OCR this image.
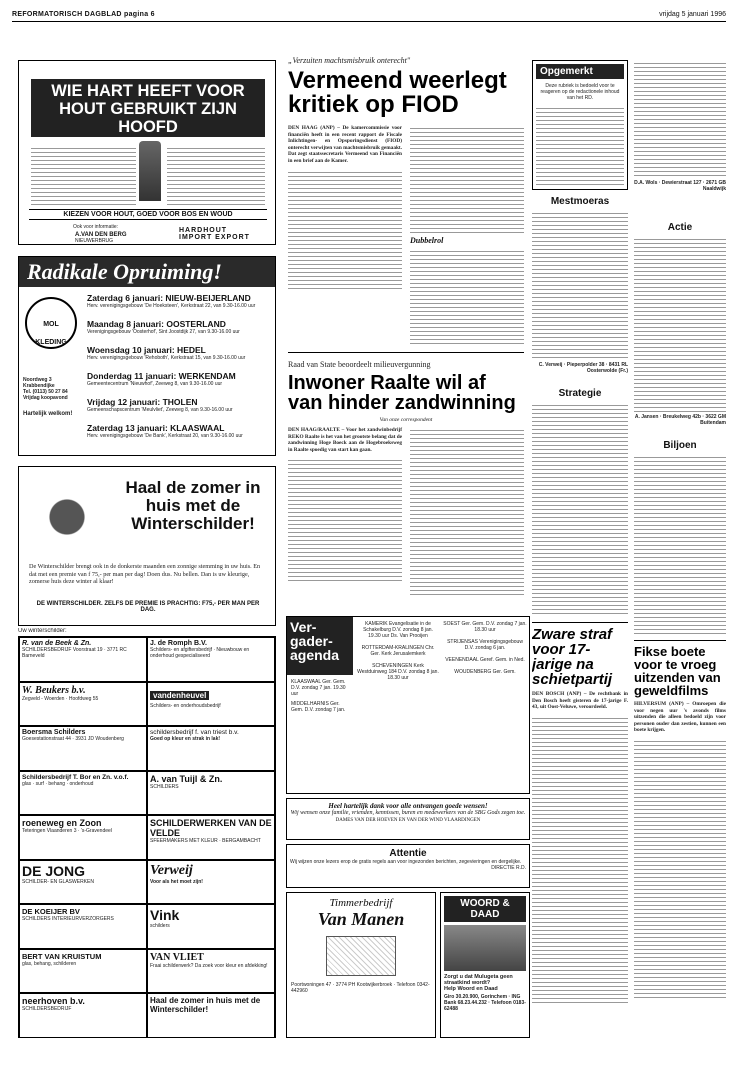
REFORMATORISCH DAGBLAD pagina 6	vrijdag 5 januari 1996
WIE HART HEEFT VOOR HOUT GEBRUIKT ZIJN HOOFD
KIEZEN VOOR HOUT, GOED VOOR BOS EN WOUD
Ook voor informatie:
A.VAN DEN BERG
NIEUWERBRUG
HARDHOUT IMPORT EXPORT
Radikale Opruiming!
MOL KLEDING
Noordweg 3 Krabbendijke
Tel. (0113) 50 27 84
Vrijdag koopavond
Hartelijk welkom!
Zaterdag 6 januari: NIEUW-BEIJERLAND
Herv. verenigingsgebouw 'De Hoeksteen', Kerkstraat 22, van 9.30-16.00 uur
Maandag 8 januari: OOSTERLAND
Verenigingsgebouw 'Oosterhof', Sint Joostdijk 27, van 9.30-16.00 uur
Woensdag 10 januari: HEDEL
Herv. verenigingsgebouw 'Rehoboth', Kerkstraat 15, van 9.30-16.00 uur
Donderdag 11 januari: WERKENDAM
Gemeentecentrum 'Nieuwhof', Zeeweg 8, van 9.30-16.00 uur
Vrijdag 12 januari: THOLEN
Gemeenschapscentrum 'Meulvliet', Zeeweg 8, van 9.30-16.00 uur
Zaterdag 13 januari: KLAASWAAL
Herv. verenigingsgebouw 'De Bank', Kerkstraat 20, van 9.30-16.00 uur
Haal de zomer in huis met de Winterschilder!
De Winterschilder brengt ook in de donkerste maanden een zonnige stemming in uw huis. En dat met een premie van f 75,- per man per dag! Doen dus. Nu bellen. Dan is uw kleurige, zomerse huis deze winter al klaar!
DE WINTERSCHILDER. ZELFS DE PREMIE IS PRACHTIG: F75,- PER MAN PER DAG.
Uw winterschilder:
R. van de Beek & Zn.
SCHILDERSBEDRIJF Voorstraat 19 · 3771 RC Barneveld
J. de Romph B.V.
Schilders- en afgiftersbedrijf · Nieuwbouw en onderhoud gespecialiseerd
W. Beukers b.v.
Zegveld - Woerden · Hoofdweg 55	vandenheuvel
Schilders- en onderhoudsbedrijf
Boersma Schilders
Goesestationstraat 44 · 3931 JD Woudenberg
schildersbedrijf f. van triest b.v.
Goed op kleur en strak in lak!
Schildersbedrijf T. Bor en Zn. v.o.f.
glas · surf · behang · onderhoud	A. van Tuijl & Zn.
SCHILDERS
roeneweg en Zoon
Teteringen Vlaanderen 3 · 's-Gravendeel
SCHILDERWERKEN VAN DE VELDE
SFEERMAKERS MET KLEUR · BERGAMBACHT
DE JONG
SCHILDER- EN GLASWERKEN
Verweij
Voor als het moet zijn!
DE KOEIJER BV
SCHILDERS INTERIEURVERZORGERS	Vink
schilders
BERT VAN KRUISTUM
glas, behang, schilderen
VAN VLIET
Fraai schilderwerk? Da zoek voor kleur en afdekking!
neerhoven b.v.
SCHILDERSBEDRIJF
Haal de zomer in huis met de Winterschilder!
„Verzuiten machtsmisbruik onterecht"
Vermeend weerlegt kritiek op FIOD
DEN HAAG (ANP) – De kamercommissie voor financiën heeft in een recent rapport de Fiscale Inlichtingen- en Opsporingsdienst (FIOD) onterecht verwijten van machtsmisbruik gemaakt. Dat zegt staatssecretaris Vermeend van Financiën in een brief aan de Kamer.
Dubbelrol
Raad van State beoordeelt milieuvergunning
Inwoner Raalte wil af van hinder zandwinning
Van onze correspondent
DEN HAAG/RAALTE – Voor het zandwinbedrijf REKO Raalte is het van het grootste belang dat de zandwinning Hoge Boeck aan de Hogebroeksweg in Raalte spoedig van start kan gaan.
Ver- gader- agenda
KLAASWAAL Ger. Gem. D.V. zondag 7 jan. 19.30 uur
MIDDELHARNIS Ger. Gem. D.V. zondag 7 jan.
KAMERIK Evangelisatie in de Schakelburg D.V. zondag 8 jan. 19.30 uur Ds. Van Prooijen
ROTTERDAM-KRALINGEN Chr. Ger. Kerk Jerusalemkerk
SCHEVENINGEN Kerk Westduinweg 184 D.V. zondag 8 jan. 18.30 uur
SOEST Ger. Gem. D.V. zondag 7 jan. 18.30 uur
STRIJENSAS Verenigingsgebouw D.V. zondag 6 jan.
VEENENDAAL Geref. Gem. in Ned.
WOUDENBERG Ger. Gem.
Heel hartelijk dank voor alle ontvangen goede wensen!
Wij wensen onze familie, vrienden, kennissen, buren en medewerkers van de SBG Gods zegen toe.
DAMES VAN DER HOEVEN EN VAN DER WIND VLAARDINGEN
Attentie
Wij wijzen onze lezers erop de gratis regels aan voor ingezonden berichten, zegevieringen en dergelijke.
DIRECTIE R.D.
Timmerbedrijf
Van Manen
Poortwoningen 47 · 3774 PH Kootwijkerbroek · Telefoon 0342-442960
WOORD & DAAD
Zorgt u dat Mulugeta geen straatkind wordt?
Help Woord en Daad
Giro 30.20.900, Gorinchem · ING Bank 68.23.44.232 · Telefoon 0183-62488
Opgemerkt
Deze rubriek is bedoeld voor te reageren op de redactionele inhoud van het RD.
Mestmoeras
C. Verweij · Pieperpolder 38 · 8431 RL Oosterwolde (Fr.)
Strategie
Zware straf voor 17-jarige na schietpartij
DEN BOSCH (ANP) – De rechtbank in Den Bosch heeft gisteren de 17-jarige F. 43, uit Oost-Veluwe, veroordeeld.
D.A. Wols · Dewierstraat 127 · 2671 GB Naaldwijk
Actie
A. Jansen · Breukelweg 42b · 3622 GM Buitendam
Biljoen
Fikse boete voor te vroeg uitzenden van geweldfilms
HILVERSUM (ANP) – Omroepen die voor negen uur 's avonds films uitzenden die alleen bedoeld zijn voor personen ouder dan zestien, kunnen een boete krijgen.
